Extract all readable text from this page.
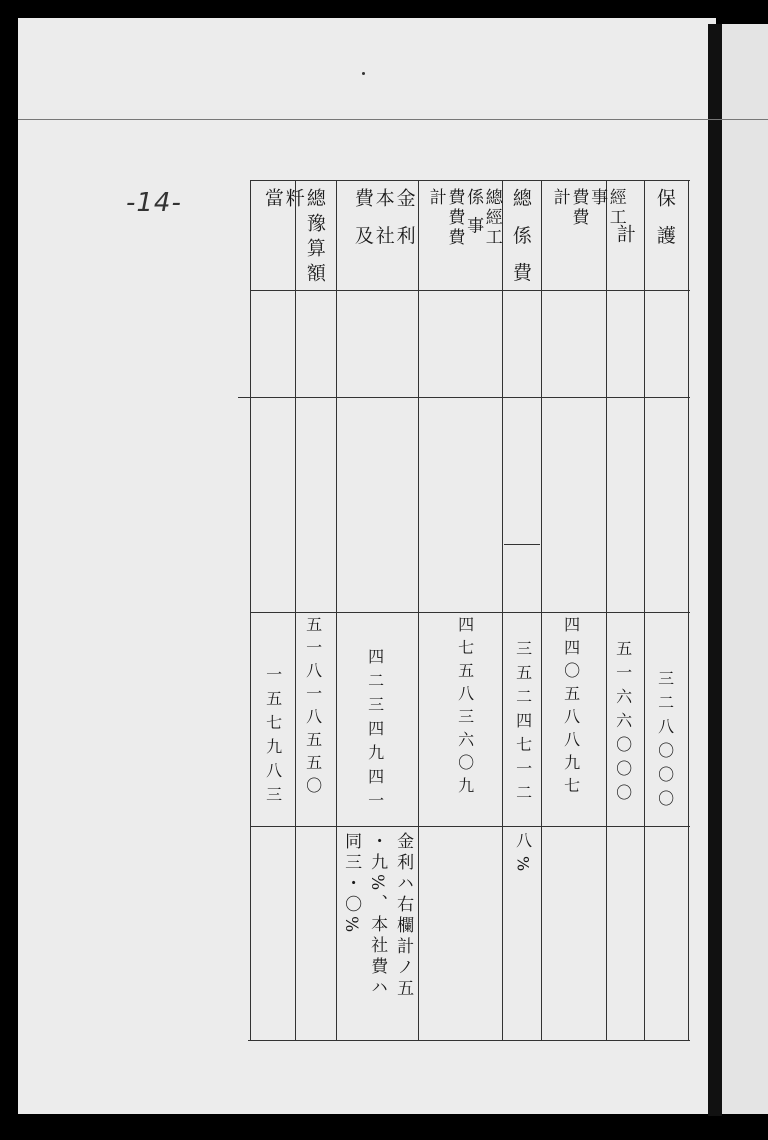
-14-	保 護
計
經工
事
費費
計
總 係 費
總經工
係 事
費費費
計
金 利
本 社
費 及
總豫算額
粁 當
三二八〇〇〇
五一六六〇〇〇
四四〇五八八九七
三五二四七一二
八%
四七五八三六〇九
四二三四九四一
五一八一八五五〇
一五七九八三
金利ハ右欄計ノ五
・九%、本社費ハ
同三・〇%
